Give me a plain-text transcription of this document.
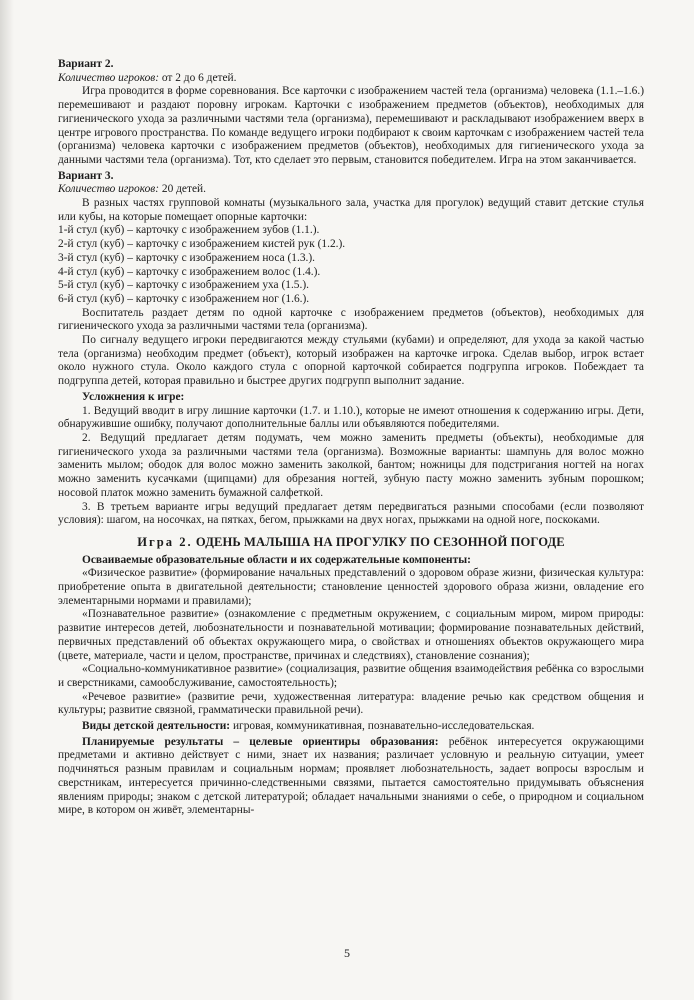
Вариант 2.

Количество игроков: от 2 до 6 детей.

Игра проводится в форме соревнования. Все карточки с изображением частей тела (организма) человека (1.1.–1.6.) перемешивают и раздают поровну игрокам. Карточки с изображением предметов (объектов), необходимых для гигиенического ухода за различными частями тела (организма), перемешивают и раскладывают изображением вверх в центре игрового пространства. По команде ведущего игроки подбирают к своим карточкам с изображением частей тела (организма) человека карточки с изображением предметов (объектов), необходимых для гигиенического ухода за данными частями тела (организма). Тот, кто сделает это первым, становится победителем. Игра на этом заканчивается.

Вариант 3.

Количество игроков: 20 детей.

В разных частях групповой комнаты (музыкального зала, участка для прогулок) ведущий ставит детские стулья или кубы, на которые помещает опорные карточки:

1-й стул (куб) – карточку с изображением зубов (1.1.).

2-й стул (куб) – карточку с изображением кистей рук (1.2.).

3-й стул (куб) – карточку с изображением носа (1.3.).

4-й стул (куб) – карточку с изображением волос (1.4.).

5-й стул (куб) – карточку с изображением уха (1.5.).

6-й стул (куб) – карточку с изображением ног (1.6.).

Воспитатель раздает детям по одной карточке с изображением предметов (объектов), необходимых для гигиенического ухода за различными частями тела (организма).

По сигналу ведущего игроки передвигаются между стульями (кубами) и определяют, для ухода за какой частью тела (организма) необходим предмет (объект), который изображен на карточке игрока. Сделав выбор, игрок встает около нужного стула. Около каждого стула с опорной карточкой собирается подгруппа игроков. Побеждает та подгруппа детей, которая правильно и быстрее других подгрупп выполнит задание.

Усложнения к игре:

1. Ведущий вводит в игру лишние карточки (1.7. и 1.10.), которые не имеют отношения к содержанию игры. Дети, обнаружившие ошибку, получают дополнительные баллы или объявляются победителями.

2. Ведущий предлагает детям подумать, чем можно заменить предметы (объекты), необходимые для гигиенического ухода за различными частями тела (организма). Возможные варианты: шампунь для волос можно заменить мылом; ободок для волос можно заменить заколкой, бантом; ножницы для подстригания ногтей на ногах можно заменить кусачками (щипцами) для обрезания ногтей, зубную пасту можно заменить зубным порошком; носовой платок можно заменить бумажной салфеткой.

3. В третьем варианте игры ведущий предлагает детям передвигаться разными способами (если позволяют условия): шагом, на носочках, на пятках, бегом, прыжками на двух ногах, прыжками на одной ноге, поскоками.

Игра 2. ОДЕНЬ МАЛЫША НА ПРОГУЛКУ ПО СЕЗОННОЙ ПОГОДЕ

Осваиваемые образовательные области и их содержательные компоненты:

«Физическое развитие» (формирование начальных представлений о здоровом образе жизни, физическая культура: приобретение опыта в двигательной деятельности; становление ценностей здорового образа жизни, овладение его элементарными нормами и правилами);

«Познавательное развитие» (ознакомление с предметным окружением, с социальным миром, миром природы: развитие интересов детей, любознательности и познавательной мотивации; формирование познавательных действий, первичных представлений об объектах окружающего мира, о свойствах и отношениях объектов окружающего мира (цвете, материале, части и целом, пространстве, причинах и следствиях), становление сознания);

«Социально-коммуникативное развитие» (социализация, развитие общения взаимодействия ребёнка со взрослыми и сверстниками, самообслуживание, самостоятельность);

«Речевое развитие» (развитие речи, художественная литература: владение речью как средством общения и культуры; развитие связной, грамматически правильной речи).

Виды детской деятельности: игровая, коммуникативная, познавательно-исследовательская.

Планируемые результаты – целевые ориентиры образования: ребёнок интересуется окружающими предметами и активно действует с ними, знает их названия; различает условную и реальную ситуации, умеет подчиняться разным правилам и социальным нормам; проявляет любознательность, задает вопросы взрослым и сверстникам, интересуется причинно-следственными связями, пытается самостоятельно придумывать объяснения явлениям природы; знаком с детской литературой; обладает начальными знаниями о себе, о природном и социальном мире, в котором он живёт, элементарны-

5
